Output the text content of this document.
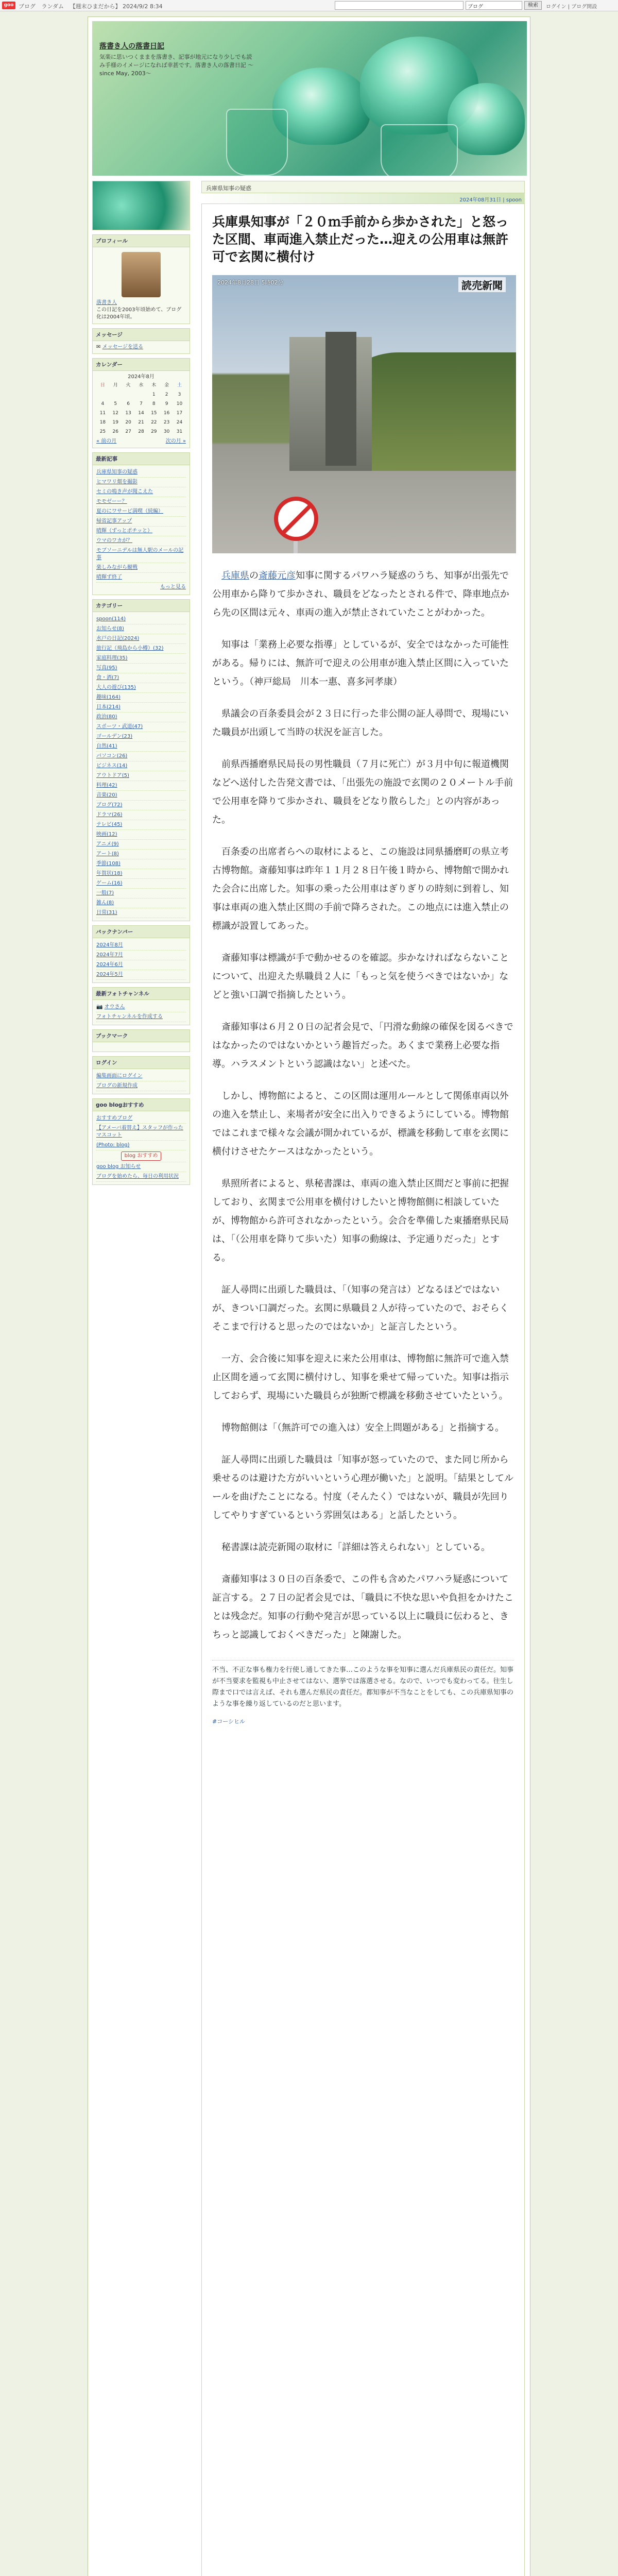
goo ブログ ランダム 【週末ひまだから】 2024/9/2 8:34	ブログ	検索	ログイン | ブログ開設
落書き人の落書日記
気楽に思いつくままを落書き、記事が地元になり少しでも読み手様のイメージになれば幸甚です。落書き人の落書日記 〜since May, 2003〜
プロフィール
落書き人
この日記を2003年頃始めて、ブログ化は2004年頃。
メッセージ
✉ メッセージを送る
カレンダー
2024年8月
日	月	火	水	木	金	土
				1	2	3
4	5	6	7	8	9	10
11	12	13	14	15	16	17
18	19	20	21	22	23	24
25	26	27	28	29	30	31
« 前の月	次の月 »
最新記事
兵庫県知事の疑惑
ヒマワリ畑を撮影
セミの鳴き声が聞こえた
モモゼーー？
夏のにワサービ満喫（続編）
帰省記事アップ
晴輝（ずっとポチッと）
ウマのワカが？
モブソーニデルは無人駅のメールの記事
楽しみながら観戦
晴輝ず終了
もっと見る
カテゴリー
spoon(114)
お知らせ(8)
水戸の日記(2024)
旅行記（飛島から小樽）(32)
家庭料理(35)
写真(95)
食・酒(7)
大人の遊び(135)
趣味(164)
日本(214)
政治(80)
スポーツ・武道(47)
ゴールデン(23)
自然(41)
パソコン(26)
ビジネス(14)
アウトドア(5)
料理(42)
音楽(20)
ブログ(72)
ドラマ(26)
テレビ(45)
映画(12)
アニメ(9)
アート(8)
季節(108)
年賀状(18)
ゲーム(16)
一般(7)
雑ん(8)
日常(31)
バックナンバー
2024年8月
2024年7月
2024年6月
2024年5月
最新フォトチャンネル
📷 オウさん
フォトチャンネルを作成する
ブックマーク
ログイン
編集画面にログイン
ブログの新規作成
goo blogおすすめ
おすすめブログ
【アメーバ着替え】スタッフが作ったマスコット
(Photo: blog)
blog おすすめ
goo blog お知らせ
ブログを始めたら、毎日の利用状況
兵庫県知事の疑惑
2024年08月31日 | spoon
兵庫県知事が「２０ｍ手前から歩かされた」と怒った区間、車両進入禁止だった…迎えの公用車は無許可で玄関に横付け
2024年8月28日 5時02分	読売新聞
兵庫県の斎藤元彦知事に関するパワハラ疑惑のうち、知事が出張先で公用車から降りて歩かされ、職員をどなったとされる件で、降車地点から先の区間は元々、車両の進入が禁止されていたことがわかった。
知事は「業務上必要な指導」としているが、安全ではなかった可能性がある。帰りには、無許可で迎えの公用車が進入禁止区間に入っていたという。（神戸総局　川本一惠、喜多河孝康）
県議会の百条委員会が２３日に行った非公開の証人尋問で、現場にいた職員が出頭して当時の状況を証言した。
前県西播磨県民局長の男性職員（７月に死亡）が３月中旬に報道機関などへ送付した告発文書では、「出張先の施設で玄関の２０メートル手前で公用車を降りて歩かされ、職員をどなり散らした」との内容があった。
百条委の出席者らへの取材によると、この施設は同県播磨町の県立考古博物館。斎藤知事は昨年１１月２８日午後１時から、博物館で開かれた会合に出席した。知事の乗った公用車はぎりぎりの時刻に到着し、知事は車両の進入禁止区間の手前で降ろされた。この地点には進入禁止の標識が設置してあった。
斎藤知事は標識が手で動かせるのを確認。歩かなければならないことについて、出迎えた県職員２人に「もっと気を使うべきではないか」などと強い口調で指摘したという。
斎藤知事は６月２０日の記者会見で、「円滑な動線の確保を図るべきではなかったのではないかという趣旨だった。あくまで業務上必要な指導。ハラスメントという認識はない」と述べた。
しかし、博物館によると、この区間は運用ルールとして関係車両以外の進入を禁止し、来場者が安全に出入りできるようにしている。博物館ではこれまで様々な会議が開かれているが、標識を移動して車を玄関に横付けさせたケースはなかったという。
県照所者によると、県秘書課は、車両の進入禁止区間だと事前に把握しており、玄関まで公用車を横付けしたいと博物館側に相談していたが、博物館から許可されなかったという。会合を準備した東播磨県民局は、「（公用車を降りて歩いた）知事の動線は、予定通りだった」とする。
証人尋問に出頭した職員は、「（知事の発言は）どなるほどではないが、きつい口調だった。玄関に県職員２人が待っていたので、おそらくそこまで行けると思ったのではないか」と証言したという。
一方、会合後に知事を迎えに来た公用車は、博物館に無許可で進入禁止区間を通って玄関に横付けし、知事を乗せて帰っていた。知事は指示しておらず、現場にいた職員らが独断で標識を移動させていたという。
博物館側は「（無許可での進入は）安全上問題がある」と指摘する。
証人尋問に出頭した職員は「知事が怒っていたので、また同じ所から乗せるのは避けた方がいいという心理が働いた」と説明。「結果としてルールを曲げたことになる。忖度（そんたく）ではないが、職員が先回りしてやりすぎているという雰囲気はある」と話したという。
秘書課は読売新聞の取材に「詳細は答えられない」としている。
斎藤知事は３０日の百条委で、この件も含めたパワハラ疑惑について証言する。２７日の記者会見では、「職員に不快な思いや負担をかけたことは残念だ。知事の行動や発言が思っている以上に職員に伝わると、きちっと認識しておくべきだった」と陳謝した。
不当、不正な事も権力を行使し通してきた事…このような事を知事に選んだ兵庫県民の責任だ。知事が不当要求を監視も中止させてはない、選挙では落選させる。なので、いつでも変わってる。往生し際まで口では言えば、それも選んだ県民の責任だ。都知事が不当なことをしても、この兵庫県知事のような事を繰り返しているのだと思います。
#コーシヒル
